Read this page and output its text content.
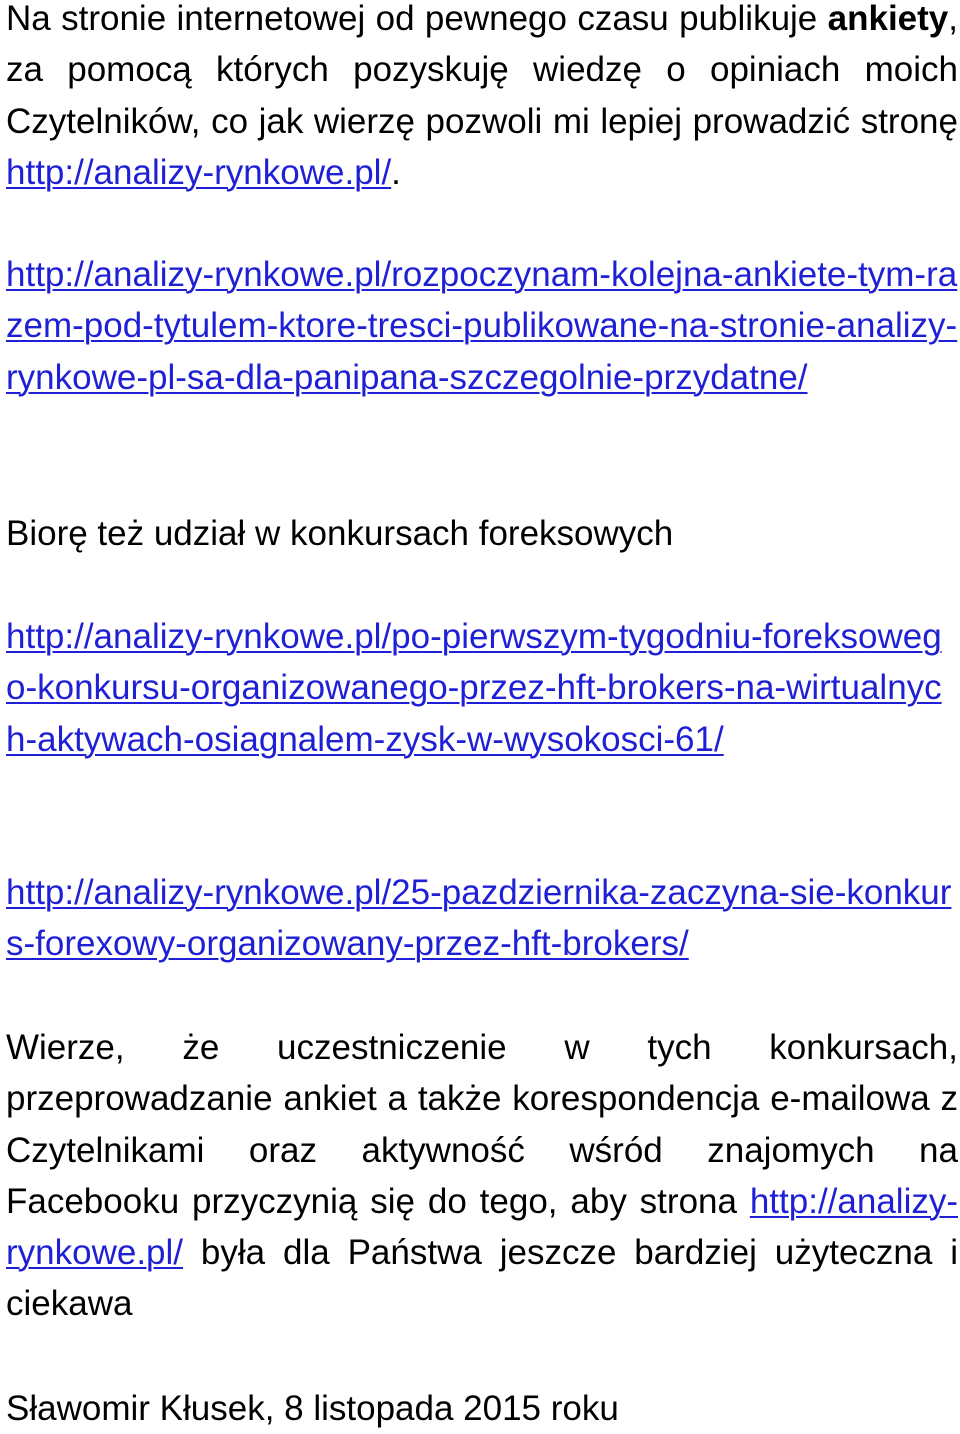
Na stronie internetowej od pewnego czasu publikuje ankiety, za pomocą których pozyskuję wiedzę o opiniach moich Czytelników, co jak wierzę pozwoli mi lepiej prowadzić stronę http://analizy-rynkowe.pl/.

http://analizy-rynkowe.pl/rozpoczynam-kolejna-ankiete-tym-razem-pod-tytulem-ktore-tresci-publikowane-na-stronie-analizy-rynkowe-pl-sa-dla-panipana-szczegolnie-przydatne/

Biorę też udział w konkursach foreksowych

http://analizy-rynkowe.pl/po-pierwszym-tygodniu-foreksowego-konkursu-organizowanego-przez-hft-brokers-na-wirtualnych-aktywach-osiagnalem-zysk-w-wysokosci-61/

http://analizy-rynkowe.pl/25-pazdziernika-zaczyna-sie-konkurs-forexowy-organizowany-przez-hft-brokers/

Wierze, że uczestniczenie w tych konkursach, przeprowadzanie ankiet a także korespondencja e-mailowa z Czytelnikami oraz aktywność wśród znajomych na Facebooku przyczynią się do tego, aby strona http://analizy-rynkowe.pl/ była dla Państwa jeszcze bardziej użyteczna i ciekawa

Sławomir Kłusek, 8 listopada 2015 roku
